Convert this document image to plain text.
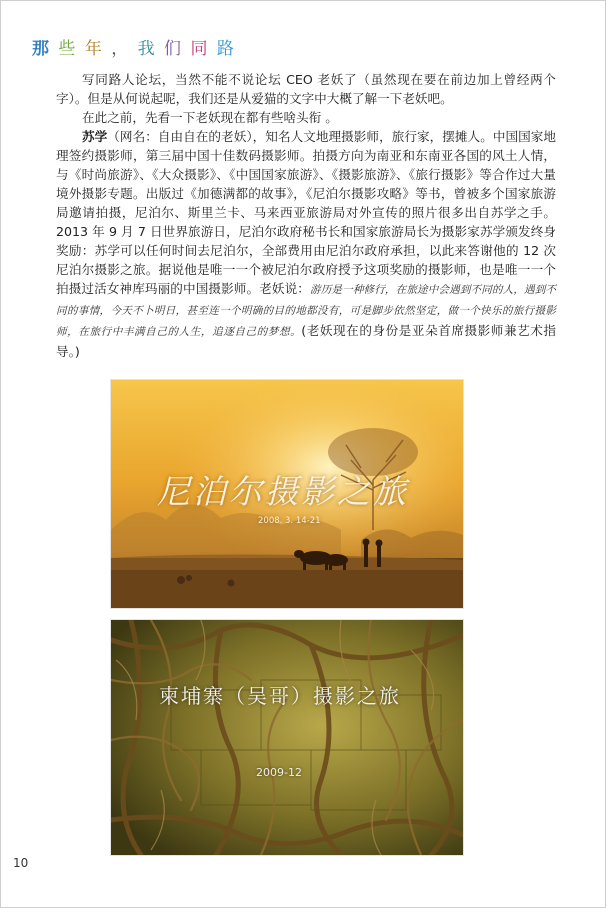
那 些 年 ， 我 们 同 路

写同路人论坛，当然不能不说论坛 CEO 老妖了（虽然现在要在前边加上曾经两个字）。但是从何说起呢，我们还是从爱猫的文字中大概了解一下老妖吧。

在此之前，先看一下老妖现在都有些啥头衔 。

苏学（网名：自由自在的老妖），知名人文地理摄影师，旅行家，摆摊人。中国国家地理签约摄影师，第三届中国十佳数码摄影师。拍摄方向为南亚和东南亚各国的风土人情，与《时尚旅游》、《大众摄影》、《中国国家旅游》、《摄影旅游》、《旅行摄影》等合作过大量境外摄影专题。出版过《加德满都的故事》，《尼泊尔摄影攻略》等书，曾被多个国家旅游局邀请拍摄，尼泊尔、斯里兰卡、马来西亚旅游局对外宣传的照片很多出自苏学之手。2013 年 9 月 7 日世界旅游日，尼泊尔政府秘书长和国家旅游局长为摄影家苏学颁发终身奖励：苏学可以任何时间去尼泊尔，全部费用由尼泊尔政府承担，以此来答谢他的 12 次尼泊尔摄影之旅。据说他是唯一一个被尼泊尔政府授予这项奖励的摄影师，也是唯一一个拍摄过活女神库玛丽的中国摄影师。老妖说：游历是一种修行，在旅途中会遇到不同的人，遇到不同的事情，今天不卜明日，甚至连一个明确的目的地都没有，可是脚步依然坚定，做一个快乐的旅行摄影师，在旅行中丰满自己的人生，追逐自己的梦想。(老妖现在的身份是亚朵首席摄影师兼艺术指导。)

尼泊尔摄影之旅
2008. 3. 14-21
柬埔寨（吴哥）摄影之旅
2009-12
10
